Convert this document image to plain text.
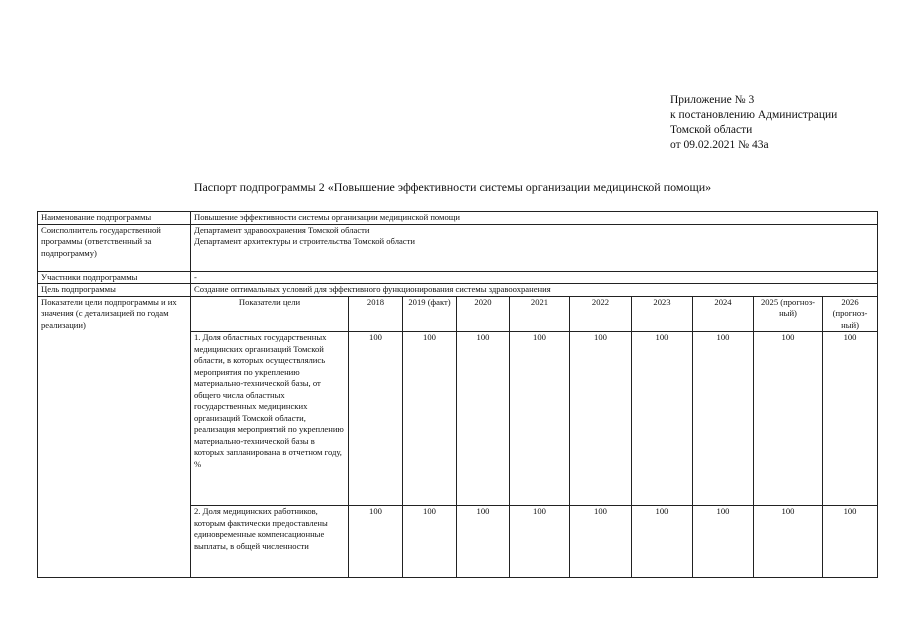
Приложение № 3
к постановлению Администрации
Томской области
от 09.02.2021 № 43а
Паспорт подпрограммы 2 «Повышение эффективности системы организации медицинской помощи»
Наименование подпрограммы	Повышение эффективности системы организации медицинской помощи									
Соисполнитель государственной программы (ответственный за подпрограмму)	Департамент здравоохранения Томской области
Департамент архитектуры и строительства Томской области									

Участники подпрограммы	-									
Цель подпрограммы	Создание оптимальных условий для эффективного функционирования системы здравоохранения									
Показатели цели подпрограммы и их значения (с детализацией по годам реализации)	Показатели цели	2018	2019 (факт)	2020	2021	2022	2023	2024	2025 (прогноз-ный)	2026 (прогноз-ный)
	1. Доля областных государственных медицинских организаций Томской области, в которых осуществлялись мероприятия по укреплению материально-технической базы, от общего числа областных государственных медицинских организаций Томской области, реализация мероприятий по укреплению материально-технической базы в которых запланирована в отчетном году, %	100	100	100	100	100	100	100	100	100
	2. Доля медицинских работников, которым фактически предоставлены единовременные компенсационные выплаты, в общей численности	100	100	100	100	100	100	100	100	100
